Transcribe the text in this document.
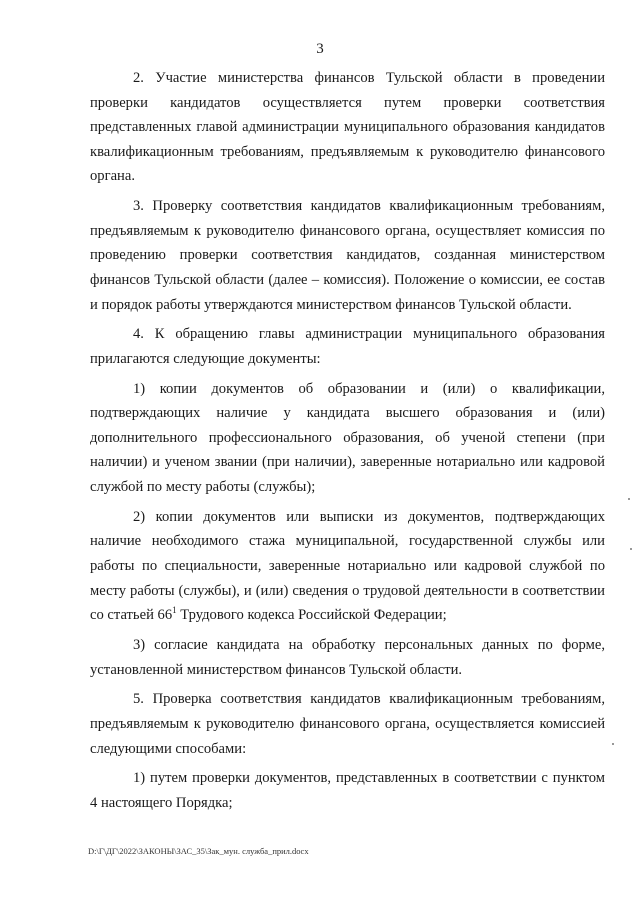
3

2. Участие министерства финансов Тульской области в проведении проверки кандидатов осуществляется путем проверки соответствия представленных главой администрации муниципального образования кандидатов квалификационным требованиям, предъявляемым к руководителю финансового органа.

3. Проверку соответствия кандидатов квалификационным требованиям, предъявляемым к руководителю финансового органа, осуществляет комиссия по проведению проверки соответствия кандидатов, созданная министерством финансов Тульской области (далее – комиссия). Положение о комиссии, ее состав и порядок работы утверждаются министерством финансов Тульской области.

4. К обращению главы администрации муниципального образования прилагаются следующие документы:

1) копии документов об образовании и (или) о квалификации, подтверждающих наличие у кандидата высшего образования и (или) дополнительного профессионального образования, об ученой степени (при наличии) и ученом звании (при наличии), заверенные нотариально или кадровой службой по месту работы (службы);

2) копии документов или выписки из документов, подтверждающих наличие необходимого стажа муниципальной, государственной службы или работы по специальности, заверенные нотариально или кадровой службой по месту работы (службы), и (или) сведения о трудовой деятельности в соответствии со статьей $66^1$ Трудового кодекса Российской Федерации;

3) согласие кандидата на обработку персональных данных по форме, установленной министерством финансов Тульской области.

5. Проверка соответствия кандидатов квалификационным требованиям, предъявляемым к руководителю финансового органа, осуществляется комиссией следующими способами:

1) путем проверки документов, представленных в соответствии с пунктом 4 настоящего Порядка;

D:\Г\ДГ\2022\ЗАКОНЫ\ЗАС_35\Зак_мун. служба_прил.docx
